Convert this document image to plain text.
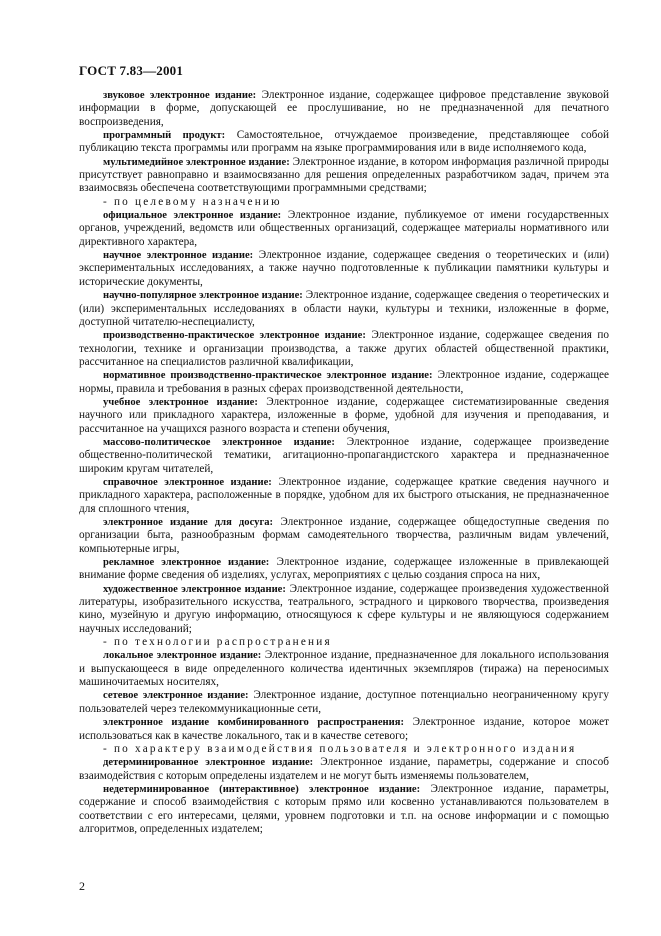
ГОСТ 7.83—2001

звуковое электронное издание: Электронное издание, содержащее цифровое представление звуковой информации в форме, допускающей ее прослушивание, но не предназначенной для печатного воспроизведения,

программный продукт: Самостоятельное, отчуждаемое произведение, представляющее собой публикацию текста программы или программ на языке программирования или в виде исполняемого кода,

мультимедийное электронное издание: Электронное издание, в котором информация различной природы присутствует равноправно и взаимосвязанно для решения определенных разработчиком задач, причем эта взаимосвязь обеспечена соответствующими программными средствами;

- по целевому назначению

официальное электронное издание: Электронное издание, публикуемое от имени государственных органов, учреждений, ведомств или общественных организаций, содержащее материалы нормативного или директивного характера,

научное электронное издание: Электронное издание, содержащее сведения о теоретических и (или) экспериментальных исследованиях, а также научно подготовленные к публикации памятники культуры и исторические документы,

научно-популярное электронное издание: Электронное издание, содержащее сведения о теоретических и (или) экспериментальных исследованиях в области науки, культуры и техники, изложенные в форме, доступной читателю-неспециалисту,

производственно-практическое электронное издание: Электронное издание, содержащее сведения по технологии, технике и организации производства, а также других областей общественной практики, рассчитанное на специалистов различной квалификации,

нормативное производственно-практическое электронное издание: Электронное издание, содержащее нормы, правила и требования в разных сферах производственной деятельности,

учебное электронное издание: Электронное издание, содержащее систематизированные сведения научного или прикладного характера, изложенные в форме, удобной для изучения и преподавания, и рассчитанное на учащихся разного возраста и степени обучения,

массово-политическое электронное издание: Электронное издание, содержащее произведение общественно-политической тематики, агитационно-пропагандистского характера и предназначенное широким кругам читателей,

справочное электронное издание: Электронное издание, содержащее краткие сведения научного и прикладного характера, расположенные в порядке, удобном для их быстрого отыскания, не предназначенное для сплошного чтения,

электронное издание для досуга: Электронное издание, содержащее общедоступные сведения по организации быта, разнообразным формам самодеятельного творчества, различным видам увлечений, компьютерные игры,

рекламное электронное издание: Электронное издание, содержащее изложенные в привлекающей внимание форме сведения об изделиях, услугах, мероприятиях с целью создания спроса на них,

художественное электронное издание: Электронное издание, содержащее произведения художественной литературы, изобразительного искусства, театрального, эстрадного и циркового творчества, произведения кино, музейную и другую информацию, относящуюся к сфере культуры и не являющуюся содержанием научных исследований;

- по технологии распространения

локальное электронное издание: Электронное издание, предназначенное для локального использования и выпускающееся в виде определенного количества идентичных экземпляров (тиража) на переносимых машиночитаемых носителях,

сетевое электронное издание: Электронное издание, доступное потенциально неограниченному кругу пользователей через телекоммуникационные сети,

электронное издание комбинированного распространения: Электронное издание, которое может использоваться как в качестве локального, так и в качестве сетевого;

- по характеру взаимодействия пользователя и электронного издания

детерминированное электронное издание: Электронное издание, параметры, содержание и способ взаимодействия с которым определены издателем и не могут быть изменяемы пользователем,

недетерминированное (интерактивное) электронное издание: Электронное издание, параметры, содержание и способ взаимодействия с которым прямо или косвенно устанавливаются пользователем в соответствии с его интересами, целями, уровнем подготовки и т.п. на основе информации и с помощью алгоритмов, определенных издателем;

2
